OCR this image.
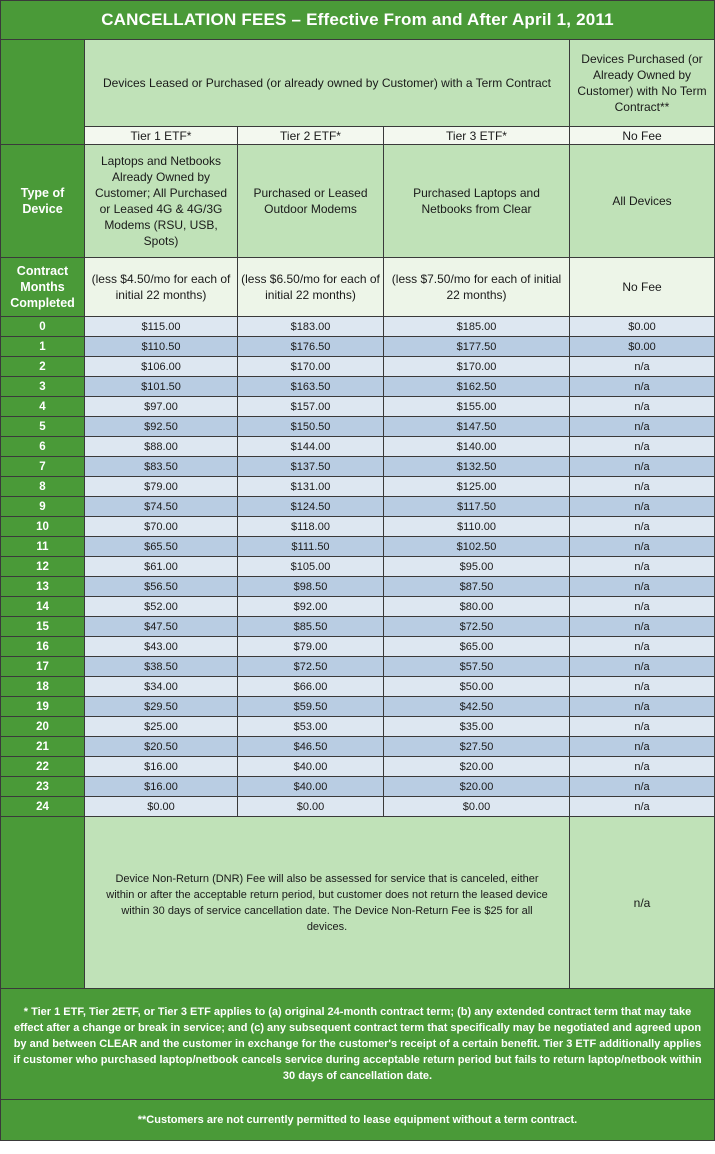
CANCELLATION FEES – Effective From and After April 1, 2011				
	Devices Leased or Purchased (or already owned by Customer) with a Term Contract			Devices Purchased (or Already Owned by Customer) with No Term Contract**
	Tier 1 ETF*	Tier 2 ETF*	Tier 3 ETF*	No Fee
Type of Device	Laptops and Netbooks Already Owned by Customer; All Purchased or Leased 4G & 4G/3G Modems (RSU, USB, Spots)	Purchased or Leased Outdoor Modems	Purchased Laptops and Netbooks from Clear	All Devices
Contract Months Completed	(less $4.50/mo for each of initial 22 months)	(less $6.50/mo for each of initial 22 months)	(less $7.50/mo for each of initial 22 months)	No Fee
0	$115.00	$183.00	$185.00	$0.00
1	$110.50	$176.50	$177.50	$0.00
2	$106.00	$170.00	$170.00	n/a
3	$101.50	$163.50	$162.50	n/a
4	$97.00	$157.00	$155.00	n/a
5	$92.50	$150.50	$147.50	n/a
6	$88.00	$144.00	$140.00	n/a
7	$83.50	$137.50	$132.50	n/a
8	$79.00	$131.00	$125.00	n/a
9	$74.50	$124.50	$117.50	n/a
10	$70.00	$118.00	$110.00	n/a
11	$65.50	$111.50	$102.50	n/a
12	$61.00	$105.00	$95.00	n/a
13	$56.50	$98.50	$87.50	n/a
14	$52.00	$92.00	$80.00	n/a
15	$47.50	$85.50	$72.50	n/a
16	$43.00	$79.00	$65.00	n/a
17	$38.50	$72.50	$57.50	n/a
18	$34.00	$66.00	$50.00	n/a
19	$29.50	$59.50	$42.50	n/a
20	$25.00	$53.00	$35.00	n/a
21	$20.50	$46.50	$27.50	n/a
22	$16.00	$40.00	$20.00	n/a
23	$16.00	$40.00	$20.00	n/a
24	$0.00	$0.00	$0.00	n/a
	Device Non-Return (DNR) Fee will also be assessed for service that is canceled, either within or after the acceptable return period, but customer does not return the leased device within 30 days of service cancellation date. The Device Non-Return Fee is $25 for all devices.			n/a
* Tier 1 ETF, Tier 2ETF, or Tier 3 ETF applies to (a) original 24-month contract term; (b) any extended contract term that may take effect after a change or break in service; and (c) any subsequent contract term that specifically may be negotiated and agreed upon by and between CLEAR and the customer in exchange for the customer's receipt of a certain benefit. Tier 3 ETF additionally applies if customer who purchased laptop/netbook cancels service during acceptable return period but fails to return laptop/netbook within 30 days of cancellation date.				
**Customers are not currently permitted to lease equipment without a term contract.				
